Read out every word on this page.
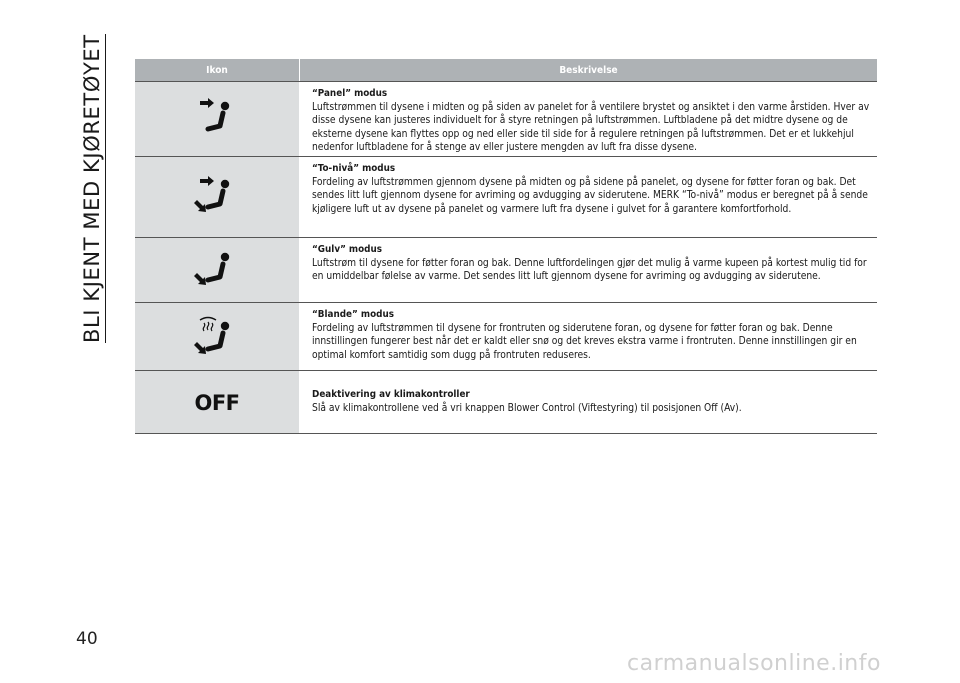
BLI KJENT MED KJØRETØYET	Ikon	Beskrivelse
“Panel” modus
Luftstrømmen til dysene i midten og på siden av panelet for å ventilere brystet og ansiktet i den varme årstiden. Hver av disse dysene kan justeres individuelt for å styre retningen på luftstrømmen. Luftbladene på det midtre dysene og de eksterne dysene kan flyttes opp og ned eller side til side for å regulere retningen på luftstrømmen. Det er et lukkehjul nedenfor luftbladene for å stenge av eller justere mengden av luft fra disse dysene.
“To-nivå” modus
Fordeling av luftstrømmen gjennom dysene på midten og på sidene på panelet, og dysene for føtter foran og bak. Det sendes litt luft gjennom dysene for avriming og avdugging av siderutene. MERK “To-nivå” modus er beregnet på å sende kjøligere luft ut av dysene på panelet og varmere luft fra dysene i gulvet for å garantere komfortforhold.
“Gulv” modus
Luftstrøm til dysene for føtter foran og bak. Denne luftfordelingen gjør det mulig å varme kupeen på kortest mulig tid for en umiddelbar følelse av varme. Det sendes litt luft gjennom dysene for avriming og avdugging av siderutene.
“Blande” modus
Fordeling av luftstrømmen til dysene for frontruten og siderutene foran, og dysene for føtter foran og bak. Denne innstillingen fungerer best når det er kaldt eller snø og det kreves ekstra varme i frontruten. Denne innstillingen gir en optimal komfort samtidig som dugg på frontruten reduseres.
OFF	Deaktivering av klimakontroller
Slå av klimakontrollene ved å vri knappen Blower Control (Viftestyring) til posisjonen Off (Av).
40
carmanualsonline.info
